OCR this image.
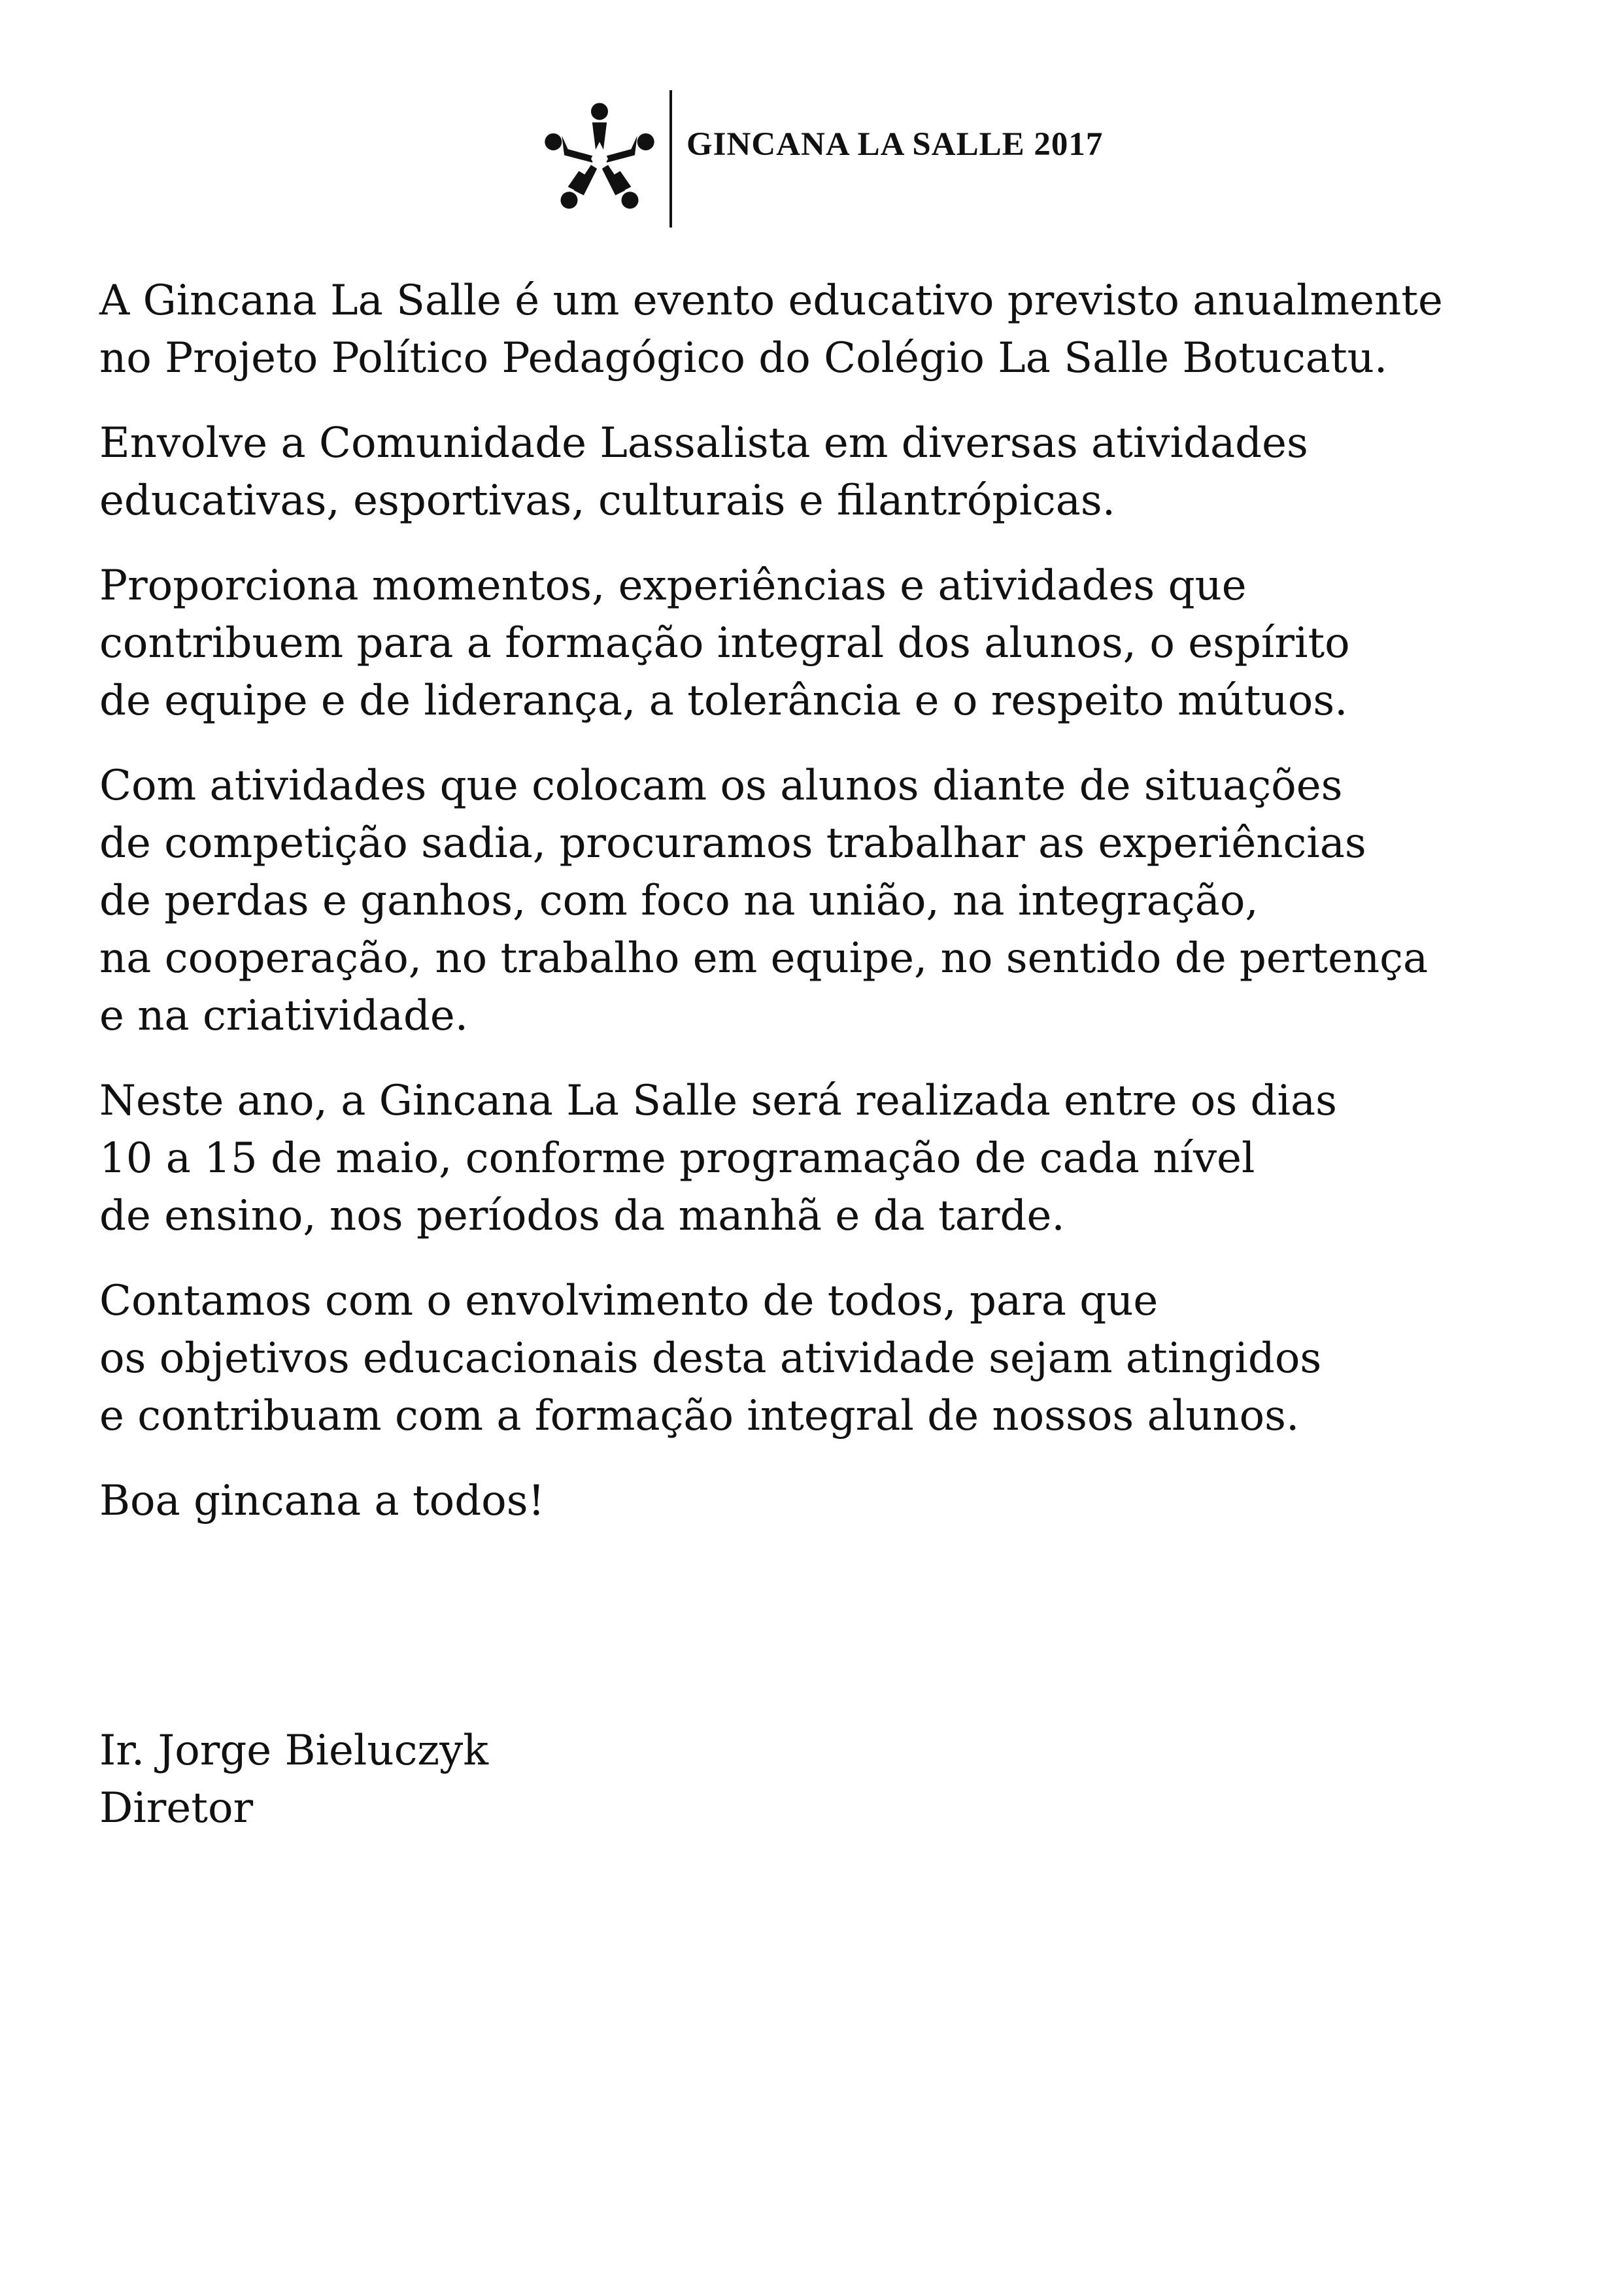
GINCANA LA SALLE 2017

A Gincana La Salle é um evento educativo previsto anualmente
no Projeto Político Pedagógico do Colégio La Salle Botucatu.

Envolve a Comunidade Lassalista em diversas atividades
educativas, esportivas, culturais e filantrópicas.

Proporciona momentos, experiências e atividades que
contribuem para a formação integral dos alunos, o espírito
de equipe e de liderança, a tolerância e o respeito mútuos.

Com atividades que colocam os alunos diante de situações
de competição sadia, procuramos trabalhar as experiências
de perdas e ganhos, com foco na união, na integração,
na cooperação, no trabalho em equipe, no sentido de pertença
e na criatividade.

Neste ano, a Gincana La Salle será realizada entre os dias
10 a 15 de maio, conforme programação de cada nível
de ensino, nos períodos da manhã e da tarde.

Contamos com o envolvimento de todos, para que
os objetivos educacionais desta atividade sejam atingidos
e contribuam com a formação integral de nossos alunos.

Boa gincana a todos!

Ir. Jorge Bieluczyk
Diretor
